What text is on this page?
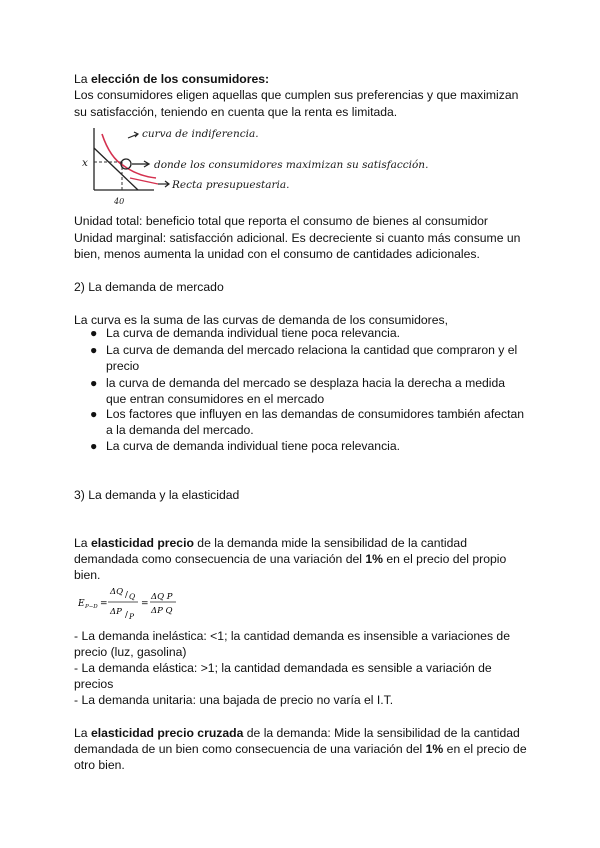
La elección de los consumidores:
Los consumidores eligen aquellas que cumplen sus preferencias y que maximizan
su satisfacción, teniendo en cuenta que la renta es limitada.
x
40
curva de indiferencia.
donde los consumidores maximizan su satisfacción.
Recta presupuestaria.
Unidad total: beneficio total que reporta el consumo de bienes al consumidor
Unidad marginal: satisfacción adicional. Es decreciente si cuanto más consume un
bien, menos aumenta la unidad con el consumo de cantidades adicionales.
2) La demanda de mercado
La curva es la suma de las curvas de demanda de los consumidores,
● La curva de demanda individual tiene poca relevancia.
● La curva de demanda del mercado relaciona la cantidad que compraron y el
precio
● la curva de demanda del mercado se desplaza hacia la derecha a medida
que entran consumidores en el mercado
● Los factores que influyen en las demandas de consumidores también afectan
a la demanda del mercado.
● La curva de demanda individual tiene poca relevancia.
3) La demanda y la elasticidad
La elasticidad precio de la demanda mide la sensibilidad de la cantidad
demandada como consecuencia de una variación del 1% en el precio del propio
bien.
E P−D =
ΔQ / Q
ΔP / P
=
ΔQ P
ΔP Q
- La demanda inelástica: <1; la cantidad demanda es insensible a variaciones de
precio (luz, gasolina)
- La demanda elástica: >1; la cantidad demandada es sensible a variación de
precios
- La demanda unitaria: una bajada de precio no varía el I.T.
La elasticidad precio cruzada de la demanda: Mide la sensibilidad de la cantidad
demandada de un bien como consecuencia de una variación del 1% en el precio de
otro bien.
